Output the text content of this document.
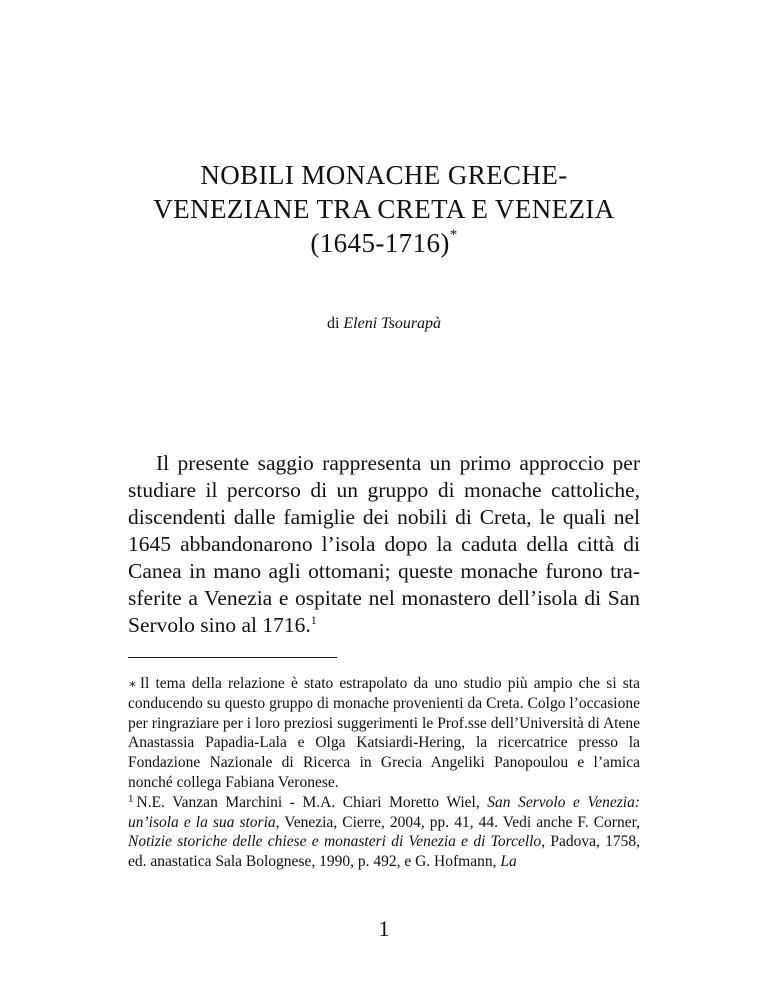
NOBILI MONACHE GRECHE-
VENEZIANE TRA CRETA E VENEZIA
(1645-1716)*
di Eleni Tsourapà

Il presente saggio rappresenta un primo approccio per studiare il percorso di un gruppo di monache cattoliche, discendenti dalle famiglie dei nobili di Creta, le quali nel 1645 abbandonarono l’isola dopo la caduta della città di Canea in mano agli ottomani; queste monache furono trasferite a Venezia e ospitate nel monastero dell’isola di San Servolo sino al 1716.$^1$

∗ Il tema della relazione è stato estrapolato da uno studio più ampio che si sta conducendo su questo gruppo di monache provenienti da Creta. Colgo l’occasione per ringraziare per i loro preziosi suggerimenti le Prof.sse dell’Università di Atene Anastassia Papadia-Lala e Olga Katsiardi-Hering, la ricercatrice presso la Fondazione Nazionale di Ricerca in Grecia Angeliki Panopoulou e l’amica nonché collega Fabiana Veronese.

$^1$ N.E. Vanzan Marchini - M.A. Chiari Moretto Wiel, San Servolo e Venezia: un’isola e la sua storia, Venezia, Cierre, 2004, pp. 41, 44. Vedi anche F. Corner, Notizie storiche delle chiese e monasteri di Venezia e di Torcello, Padova, 1758, ed. anastatica Sala Bolognese, 1990, p. 492, e G. Hofmann, La

1
